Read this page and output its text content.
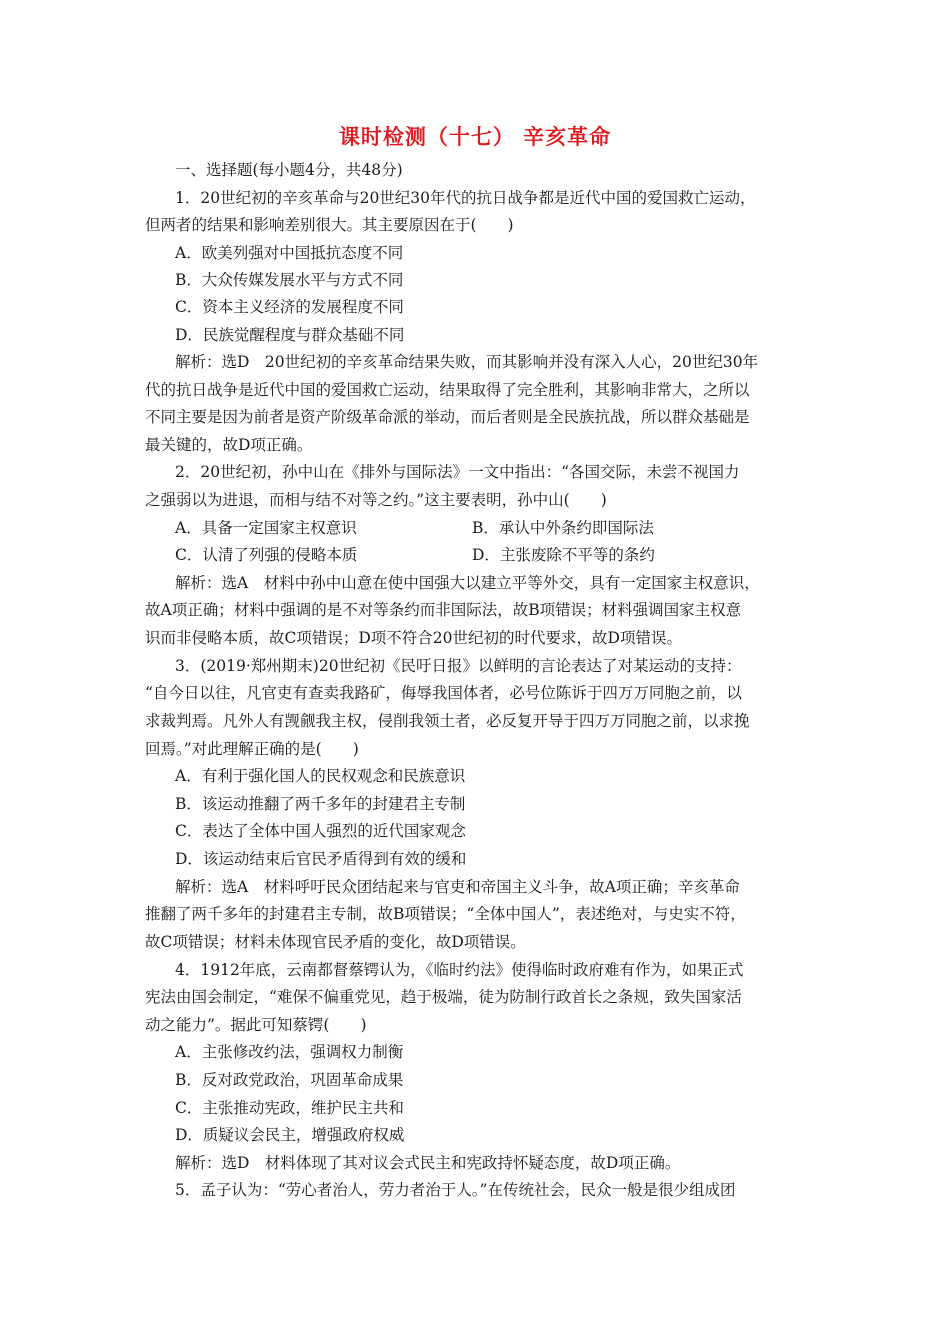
课时检测（十七） 辛亥革命
一、选择题(每小题4分，共48分)
1．20世纪初的辛亥革命与20世纪30年代的抗日战争都是近代中国的爱国救亡运动，
但两者的结果和影响差别很大。其主要原因在于(　　)
A．欧美列强对中国抵抗态度不同
B．大众传媒发展水平与方式不同
C．资本主义经济的发展程度不同
D．民族觉醒程度与群众基础不同
解析：选D　20世纪初的辛亥革命结果失败，而其影响并没有深入人心，20世纪30年
代的抗日战争是近代中国的爱国救亡运动，结果取得了完全胜利，其影响非常大，之所以
不同主要是因为前者是资产阶级革命派的举动，而后者则是全民族抗战，所以群众基础是
最关键的，故D项正确。
2．20世纪初，孙中山在《排外与国际法》一文中指出：“各国交际，未尝不视国力
之强弱以为进退，而相与结不对等之约。”这主要表明，孙中山(　　)
A．具备一定国家主权意识	B．承认中外条约即国际法
C．认清了列强的侵略本质	D．主张废除不平等的条约
解析：选A　材料中孙中山意在使中国强大以建立平等外交，具有一定国家主权意识，
故A项正确；材料中强调的是不对等条约而非国际法，故B项错误；材料强调国家主权意
识而非侵略本质，故C项错误；D项不符合20世纪初的时代要求，故D项错误。
3．(2019·郑州期末)20世纪初《民吁日报》以鲜明的言论表达了对某运动的支持：
“自今日以往，凡官吏有查卖我路矿，侮辱我国体者，必号位陈诉于四万万同胞之前，以
求裁判焉。凡外人有觊觎我主权，侵削我领土者，必反复开导于四万万同胞之前，以求挽
回焉。”对此理解正确的是(　　)
A．有利于强化国人的民权观念和民族意识
B．该运动推翻了两千多年的封建君主专制
C．表达了全体中国人强烈的近代国家观念
D．该运动结束后官民矛盾得到有效的缓和
解析：选A　材料呼吁民众团结起来与官吏和帝国主义斗争，故A项正确；辛亥革命
推翻了两千多年的封建君主专制，故B项错误；“全体中国人”，表述绝对，与史实不符，
故C项错误；材料未体现官民矛盾的变化，故D项错误。
4．1912年底，云南都督蔡锷认为，《临时约法》使得临时政府难有作为，如果正式
宪法由国会制定，“难保不偏重党见，趋于极端，徒为防制行政首长之条规，致失国家活
动之能力”。据此可知蔡锷(　　)
A．主张修改约法，强调权力制衡
B．反对政党政治，巩固革命成果
C．主张推动宪政，维护民主共和
D．质疑议会民主，增强政府权威
解析：选D　材料体现了其对议会式民主和宪政持怀疑态度，故D项正确。
5．孟子认为：“劳心者治人，劳力者治于人。”在传统社会，民众一般是很少组成团
